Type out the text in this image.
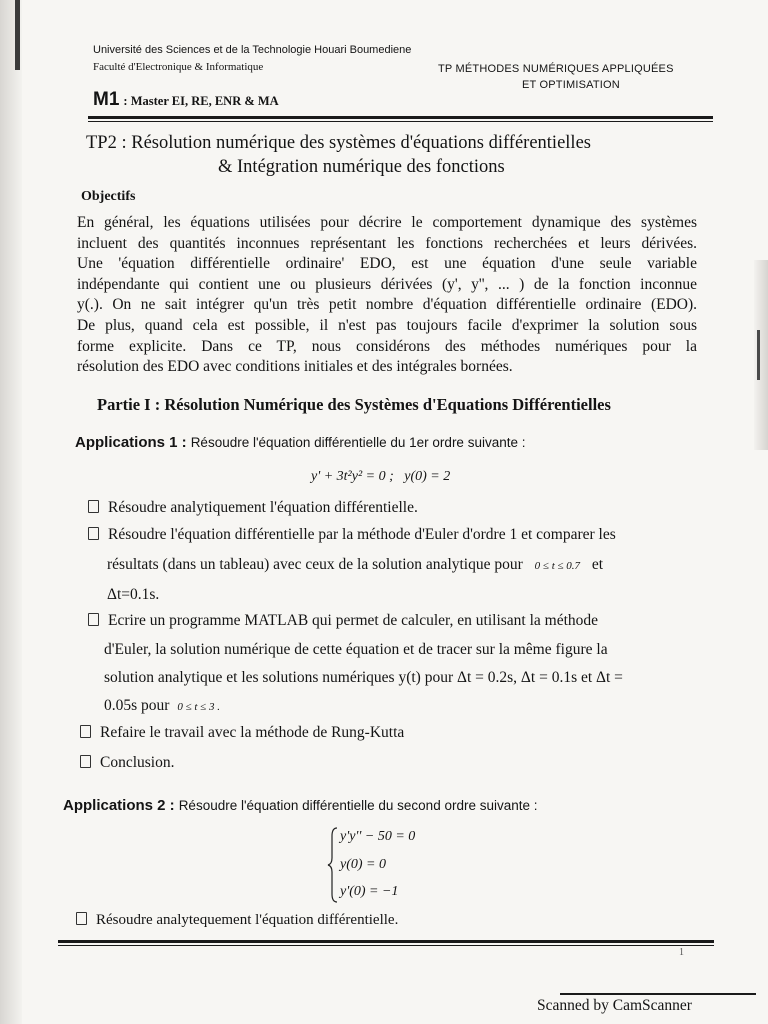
Université des Sciences et de la Technologie Houari Boumediene
Faculté d'Electronique & Informatique	TP MÉTHODES NUMÉRIQUES APPLIQUÉES
ET OPTIMISATION
M1 : Master EI, RE, ENR & MA
TP2 : Résolution numérique des systèmes d'équations différentielles
& Intégration numérique des fonctions
Objectifs
En général, les équations utilisées pour décrire le comportement dynamique des systèmes
incluent des quantités inconnues représentant les fonctions recherchées et leurs dérivées.
Une 'équation différentielle ordinaire' EDO, est une équation d'une seule variable
indépendante qui contient une ou plusieurs dérivées (y', y'', ... ) de la fonction inconnue
y(.). On ne sait intégrer qu'un très petit nombre d'équation différentielle ordinaire (EDO).
De plus, quand cela est possible, il n'est pas toujours facile d'exprimer la solution sous
forme explicite. Dans ce TP, nous considérons des méthodes numériques pour la
résolution des EDO avec conditions initiales et des intégrales bornées.
Partie I : Résolution Numérique des Systèmes d'Equations Différentielles
Applications 1 : Résoudre l'équation différentielle du 1er ordre suivante :
y' + 3t²y² = 0 ;   y(0) = 2
Résoudre analytiquement l'équation différentielle.
Résoudre l'équation différentielle par la méthode d'Euler d'ordre 1 et comparer les
résultats (dans un tableau) avec ceux de la solution analytique pour 0 ≤ t ≤ 0.7 et
Δt=0.1s.
Ecrire un programme MATLAB qui permet de calculer, en utilisant la méthode
d'Euler, la solution numérique de cette équation et de tracer sur la même figure la
solution analytique et les solutions numériques y(t) pour Δt = 0.2s, Δt = 0.1s et Δt =
0.05s pour 0 ≤ t ≤ 3 .
Refaire le travail avec la méthode de Rung-Kutta
Conclusion.
Applications 2 : Résoudre l'équation différentielle du second ordre suivante :
y'y'' − 50 = 0
y(0) = 0
y'(0) = −1
Résoudre analytequement l'équation différentielle.
1
Scanned by CamScanner
